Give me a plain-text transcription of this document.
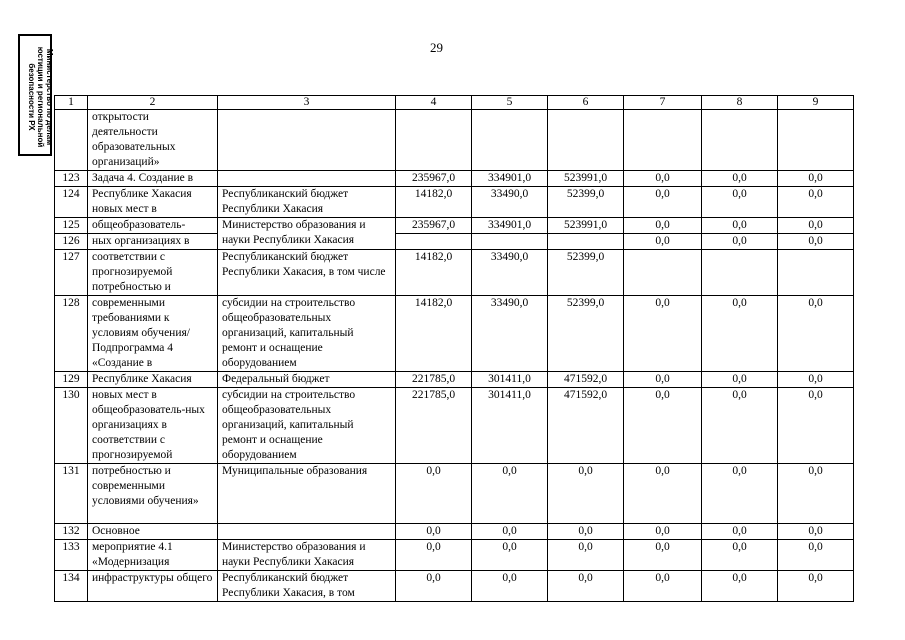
Министерство по делам
юстиции и региональной
безопасности РХ
29
1	2	3	4	5	6	7	8	9
	открытости деятельности образовательных организаций»							
123	Задача 4. Создание в		235967,0	334901,0	523991,0	0,0	0,0	0,0
124	Республике Хакасия новых мест в	Республиканский бюджет Республики Хакасия	14182,0	33490,0	52399,0	0,0	0,0	0,0
125	общеобразователь-	Министерство образования и науки Республики Хакасия	235967,0	334901,0	523991,0	0,0	0,0	0,0
126	ных организациях в					0,0	0,0	0,0
127	соответствии с прогнозируемой потребностью и	Республиканский бюджет Республики Хакасия, в том числе	14182,0	33490,0	52399,0			
128	современными требованиями к условиям обучения/ Подпрограмма 4 «Создание в	субсидии на строительство общеобразовательных организаций, капитальный ремонт и оснащение оборудованием	14182,0	33490,0	52399,0	0,0	0,0	0,0
129	Республике Хакасия	Федеральный бюджет	221785,0	301411,0	471592,0	0,0	0,0	0,0
130	новых мест в общеобразователь-ных организациях в соответствии с прогнозируемой	субсидии на строительство общеобразовательных организаций, капитальный ремонт и оснащение оборудованием	221785,0	301411,0	471592,0	0,0	0,0	0,0
131	потребностью и современными условиями обучения»	Муниципальные образования	0,0	0,0	0,0	0,0	0,0	0,0
132	Основное		0,0	0,0	0,0	0,0	0,0	0,0
133	мероприятие 4.1 «Модернизация	Министерство образования и науки Республики Хакасия	0,0	0,0	0,0	0,0	0,0	0,0
134	инфраструктуры общего	Республиканский бюджет Республики Хакасия, в том	0,0	0,0	0,0	0,0	0,0	0,0
